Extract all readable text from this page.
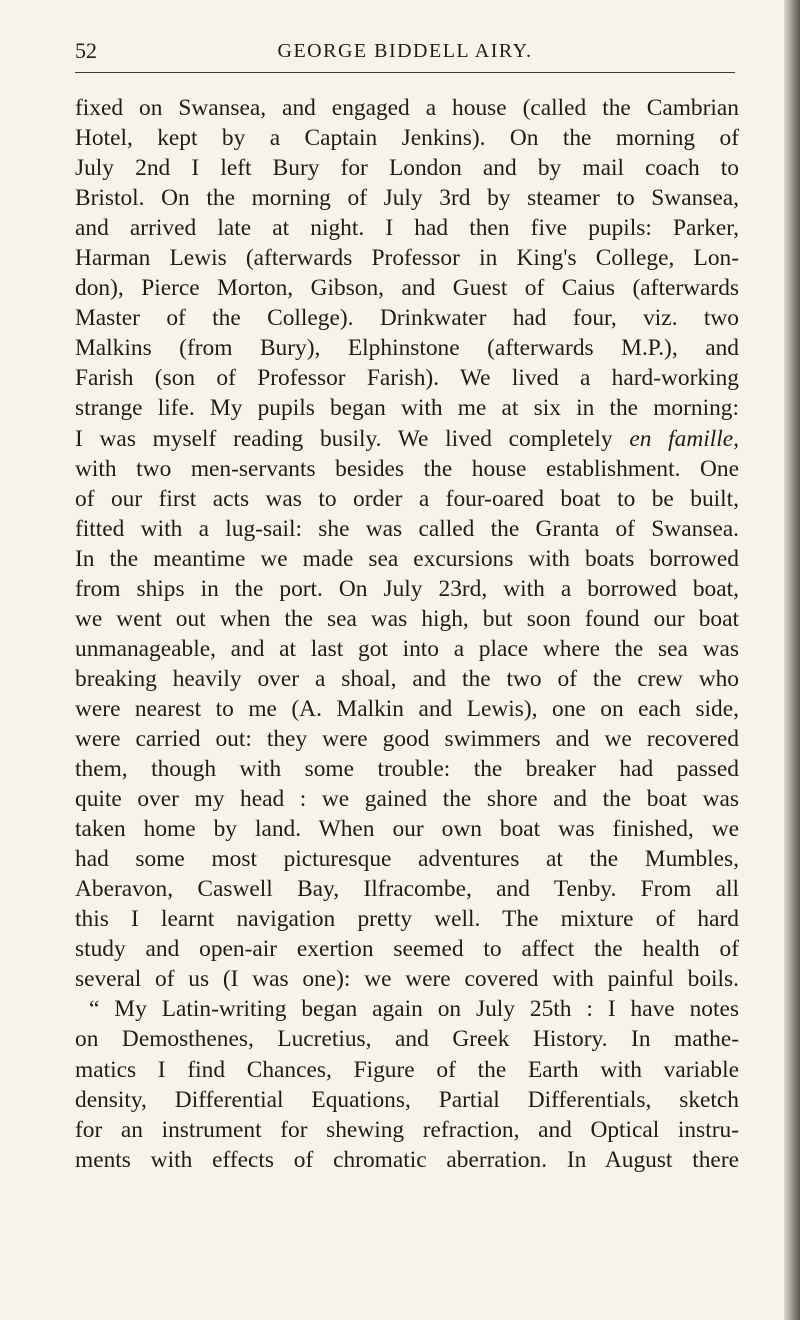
52	GEORGE BIDDELL AIRY.
fixed on Swansea, and engaged a house (called the Cambrian
Hotel, kept by a Captain Jenkins). On the morning of
July 2nd I left Bury for London and by mail coach to
Bristol. On the morning of July 3rd by steamer to Swansea,
and arrived late at night. I had then five pupils: Parker,
Harman Lewis (afterwards Professor in King's College, Lon-
don), Pierce Morton, Gibson, and Guest of Caius (afterwards
Master of the College). Drinkwater had four, viz. two
Malkins (from Bury), Elphinstone (afterwards M.P.), and
Farish (son of Professor Farish). We lived a hard-working
strange life. My pupils began with me at six in the morning:
I was myself reading busily. We lived completely en famille,
with two men-servants besides the house establishment. One
of our first acts was to order a four-oared boat to be built,
fitted with a lug-sail: she was called the Granta of Swansea.
In the meantime we made sea excursions with boats borrowed
from ships in the port. On July 23rd, with a borrowed boat,
we went out when the sea was high, but soon found our boat
unmanageable, and at last got into a place where the sea was
breaking heavily over a shoal, and the two of the crew who
were nearest to me (A. Malkin and Lewis), one on each side,
were carried out: they were good swimmers and we recovered
them, though with some trouble: the breaker had passed
quite over my head : we gained the shore and the boat was
taken home by land. When our own boat was finished, we
had some most picturesque adventures at the Mumbles,
Aberavon, Caswell Bay, Ilfracombe, and Tenby. From all
this I learnt navigation pretty well. The mixture of hard
study and open-air exertion seemed to affect the health of
several of us (I was one): we were covered with painful boils.
“ My Latin-writing began again on July 25th : I have notes
on Demosthenes, Lucretius, and Greek History. In mathe-
matics I find Chances, Figure of the Earth with variable
density, Differential Equations, Partial Differentials, sketch
for an instrument for shewing refraction, and Optical instru-
ments with effects of chromatic aberration. In August there
